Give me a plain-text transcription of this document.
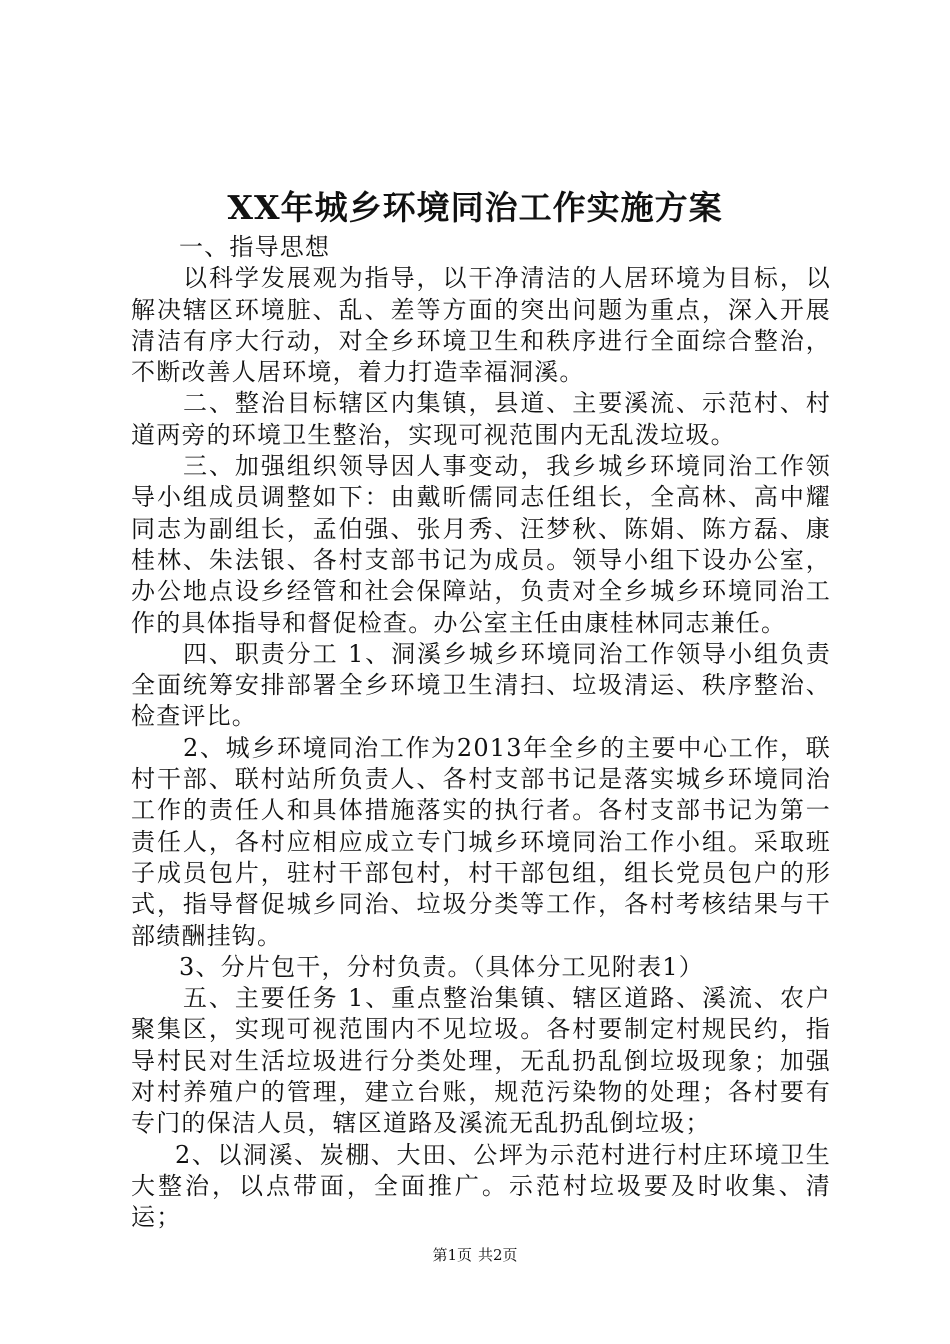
XX年城乡环境同治工作实施方案

一、指导思想

以科学发展观为指导，以干净清洁的人居环境为目标，以解决辖区环境脏、乱、差等方面的突出问题为重点，深入开展清洁有序大行动，对全乡环境卫生和秩序进行全面综合整治，不断改善人居环境，着力打造幸福洞溪。

二、整治目标辖区内集镇，县道、主要溪流、示范村、村道两旁的环境卫生整治，实现可视范围内无乱泼垃圾。

三、加强组织领导因人事变动，我乡城乡环境同治工作领导小组成员调整如下：由戴昕儒同志任组长，全高林、高中耀同志为副组长，孟伯强、张月秀、汪梦秋、陈娟、陈方磊、康桂林、朱法银、各村支部书记为成员。领导小组下设办公室，办公地点设乡经管和社会保障站，负责对全乡城乡环境同治工作的具体指导和督促检查。办公室主任由康桂林同志兼任。

四、职责分工 1、洞溪乡城乡环境同治工作领导小组负责全面统筹安排部署全乡环境卫生清扫、垃圾清运、秩序整治、检查评比。

2、城乡环境同治工作为2013年全乡的主要中心工作，联村干部、联村站所负责人、各村支部书记是落实城乡环境同治工作的责任人和具体措施落实的执行者。各村支部书记为第一责任人，各村应相应成立专门城乡环境同治工作小组。采取班子成员包片，驻村干部包村，村干部包组，组长党员包户的形式，指导督促城乡同治、垃圾分类等工作，各村考核结果与干部绩酬挂钩。

3、分片包干，分村负责。（具体分工见附表1）

五、主要任务 1、重点整治集镇、辖区道路、溪流、农户聚集区，实现可视范围内不见垃圾。各村要制定村规民约，指导村民对生活垃圾进行分类处理，无乱扔乱倒垃圾现象；加强对村养殖户的管理，建立台账，规范污染物的处理；各村要有专门的保洁人员，辖区道路及溪流无乱扔乱倒垃圾；

2、以洞溪、炭棚、大田、公坪为示范村进行村庄环境卫生大整治，以点带面，全面推广。示范村垃圾要及时收集、清运；

第1页 共2页
